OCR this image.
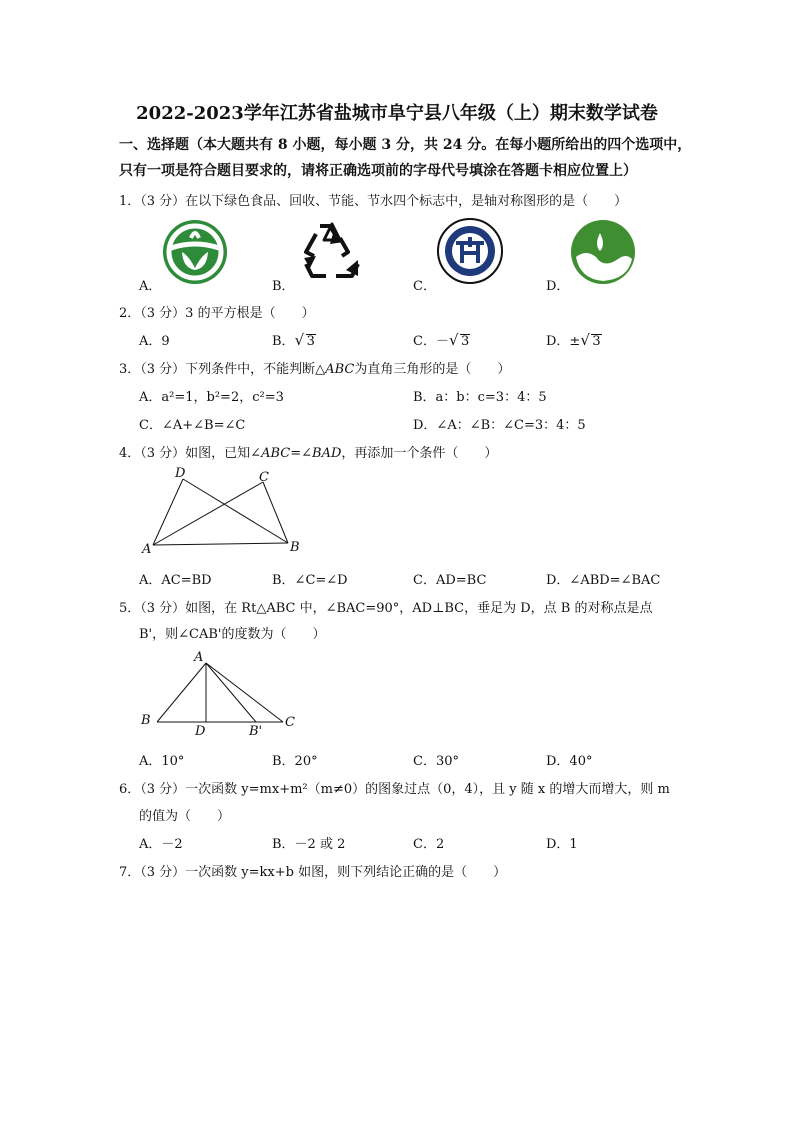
2022-2023学年江苏省盐城市阜宁县八年级（上）期末数学试卷
一、选择题（本大题共有 8 小题，每小题 3 分，共 24 分。在每小题所给出的四个选项中，
只有一项是符合题目要求的，请将正确选项前的字母代号填涂在答题卡相应位置上）
1．（3 分）在以下绿色食品、回收、节能、节水四个标志中，是轴对称图形的是（　　）
A．	B．	C．	D．
2．（3 分）3 的平方根是（　　）
A．9	B． √ 3	C．－ √ 3	D．± √ 3
3．（3 分）下列条件中，不能判断△ABC为直角三角形的是（　　）
A．a²=1，b²=2，c²=3	B．a：b：c=3：4：5
C．∠A+∠B=∠C	D．∠A：∠B：∠C=3：4：5
4．（3 分）如图，已知∠ABC=∠BAD，再添加一个条件（　　）
D	C
A	B
A．AC=BD	B．∠C=∠D	C．AD=BC	D．∠ABD=∠BAC
5．（3 分）如图，在 Rt△ABC 中，∠BAC=90°，AD⊥BC，垂足为 D，点 B 的对称点是点
B'，则∠CAB'的度数为（　　）
A
B	C
D	B'
A．10°	B．20°	C．30°	D．40°
6．（3 分）一次函数 y=mx+m²（m≠0）的图象过点（0，4），且 y 随 x 的增大而增大，则 m
的值为（　　）
A．－2	B．－2 或 2	C．2	D．1
7．（3 分）一次函数 y=kx+b 如图，则下列结论正确的是（　　）
